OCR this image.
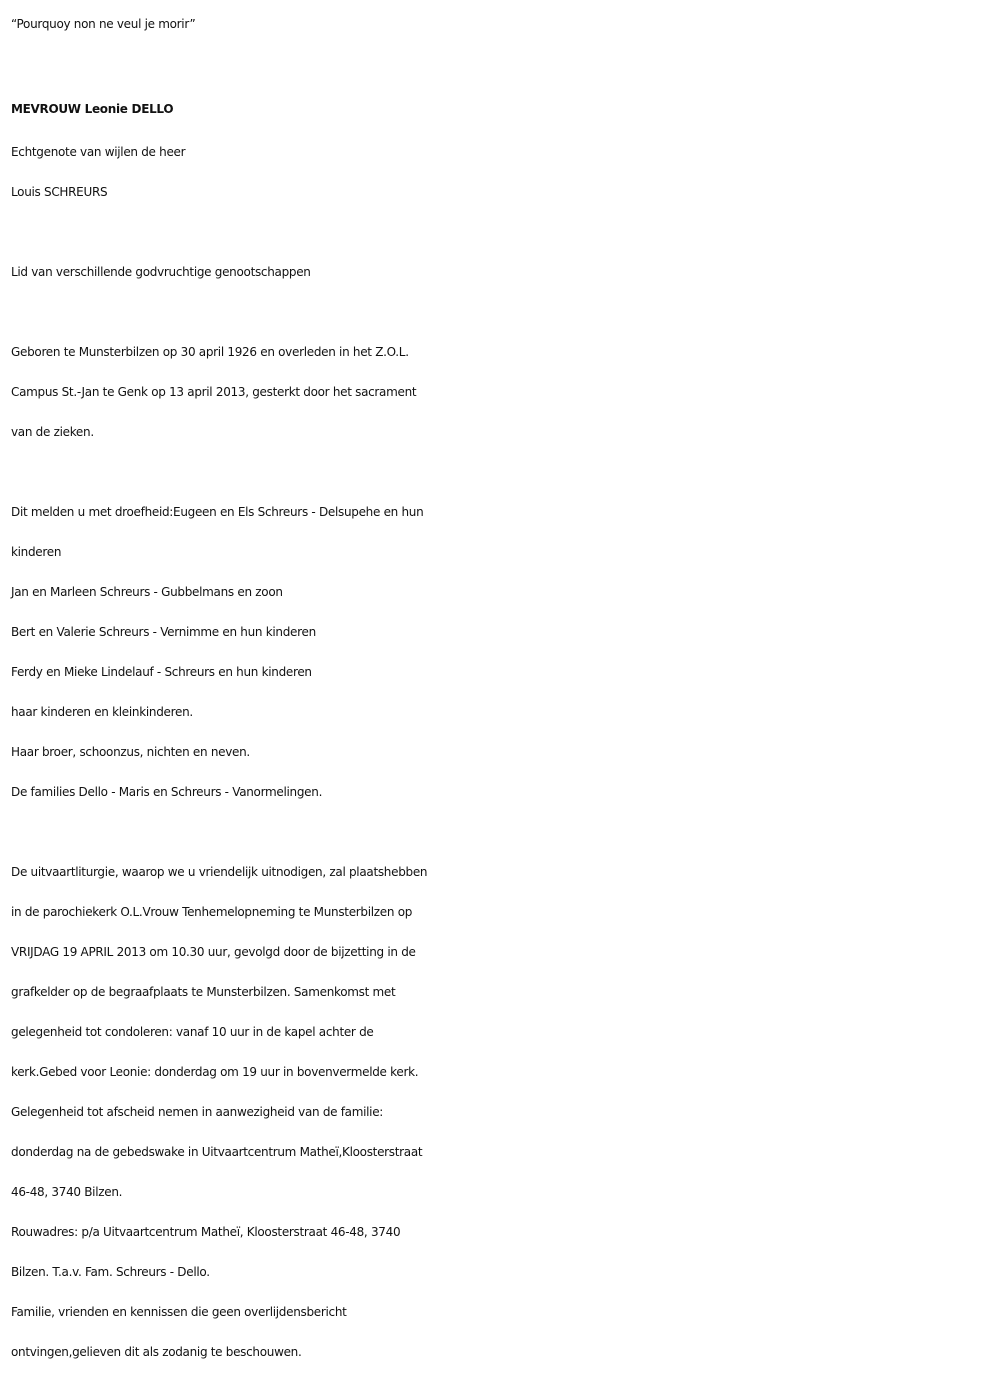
“Pourquoy non ne veul je morir”
MEVROUW Leonie DELLO
Echtgenote van wijlen de heer
Louis SCHREURS
Lid van verschillende godvruchtige genootschappen
Geboren te Munsterbilzen op 30 april 1926 en overleden in het Z.O.L.
Campus St.-Jan te Genk op 13 april 2013, gesterkt door het sacrament
van de zieken.
Dit melden u met droefheid:Eugeen en Els Schreurs - Delsupehe en hun
kinderen
Jan en Marleen Schreurs - Gubbelmans en zoon
Bert en Valerie Schreurs - Vernimme en hun kinderen
Ferdy en Mieke Lindelauf - Schreurs en hun kinderen
haar kinderen en kleinkinderen.
Haar broer, schoonzus, nichten en neven.
De families Dello - Maris en Schreurs - Vanormelingen.
De uitvaartliturgie, waarop we u vriendelijk uitnodigen, zal plaatshebben
in de parochiekerk O.L.Vrouw Tenhemelopneming te Munsterbilzen op
VRIJDAG 19 APRIL 2013 om 10.30 uur, gevolgd door de bijzetting in de
grafkelder op de begraafplaats te Munsterbilzen. Samenkomst met
gelegenheid tot condoleren: vanaf 10 uur in de kapel achter de
kerk.Gebed voor Leonie: donderdag om 19 uur in bovenvermelde kerk.
Gelegenheid tot afscheid nemen in aanwezigheid van de familie:
donderdag na de gebedswake in Uitvaartcentrum Matheï,Kloosterstraat
46-48, 3740 Bilzen.
Rouwadres: p/a Uitvaartcentrum Matheï, Kloosterstraat 46-48, 3740
Bilzen. T.a.v. Fam. Schreurs - Dello.
Familie, vrienden en kennissen die geen overlijdensbericht
ontvingen,gelieven dit als zodanig te beschouwen.
